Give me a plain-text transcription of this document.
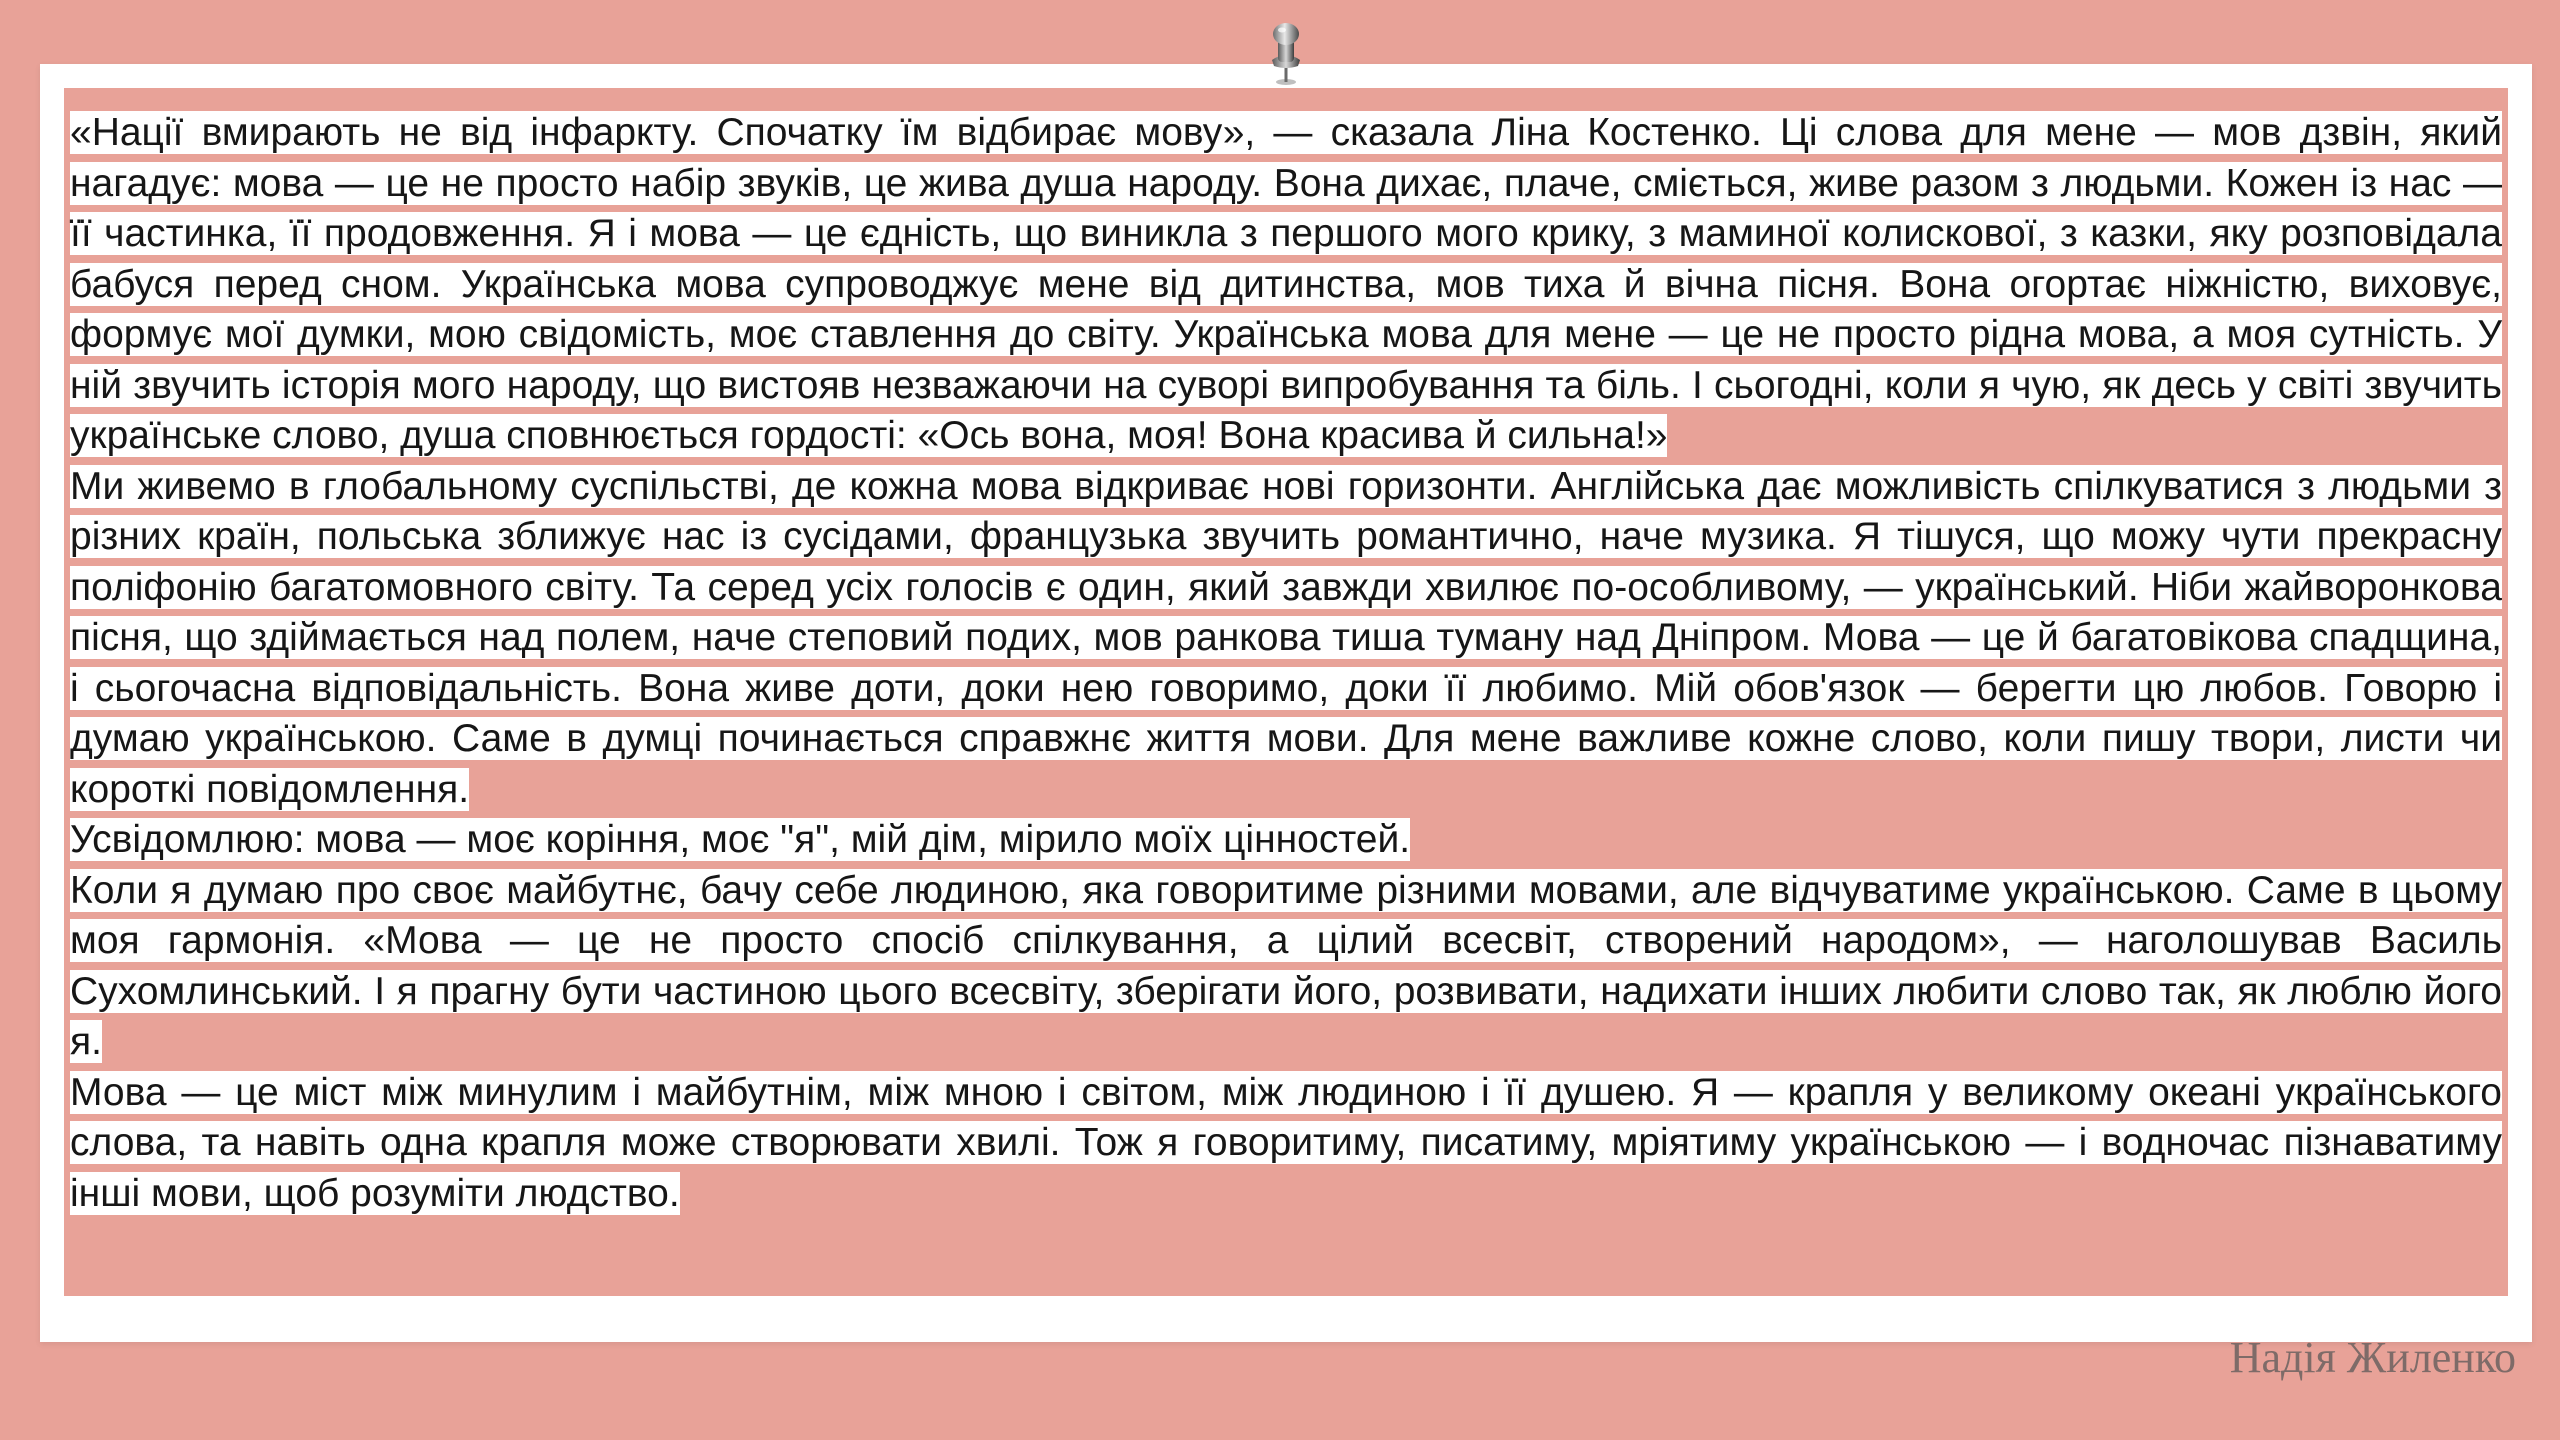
«Нації вмирають не від інфаркту. Спочатку їм відбирає мову», — сказала Ліна Костенко. Ці слова для мене — мов дзвін, який нагадує: мова — це не просто набір звуків, це жива душа народу. Вона дихає, плаче, сміється, живе разом з людьми. Кожен із нас — її частинка, її продовження. Я і мова — це єдність, що виникла з першого мого крику, з маминої колискової, з казки, яку розповідала бабуся перед сном. Українська мова супроводжує мене від дитинства, мов тиха й вічна пісня. Вона огортає ніжністю, виховує, формує мої думки, мою свідомість, моє ставлення до світу. Українська мова для мене — це не просто рідна мова, а моя сутність. У ній звучить історія мого народу, що вистояв незважаючи на суворі випробування та біль. І сьогодні, коли я чую, як десь у світі звучить українське слово, душа сповнюється гордості: «Ось вона, моя! Вона красива й сильна!»

Ми живемо в глобальному суспільстві, де кожна мова відкриває нові горизонти. Англійська дає можливість спілкуватися з людьми з різних країн, польська зближує нас із сусідами, французька звучить романтично, наче музика. Я тішуся, що можу чути прекрасну поліфонію багатомовного світу. Та серед усіх голосів є один, який завжди хвилює по-особливому, — український. Ніби жайворонкова пісня, що здіймається над полем, наче степовий подих, мов ранкова тиша туману над Дніпром. Мова — це й багатовікова спадщина, і сьогочасна відповідальність. Вона живе доти, доки нею говоримо, доки її любимо. Мій обов'язок — берегти цю любов. Говорю і думаю українською. Саме в думці починається справжнє життя мови. Для мене важливе кожне слово, коли пишу твори, листи чи короткі повідомлення.

Усвідомлюю: мова — моє коріння, моє "я", мій дім, мірило моїх цінностей.

Коли я думаю про своє майбутнє, бачу себе людиною, яка говоритиме різними мовами, але відчуватиме українською. Саме в цьому моя гармонія. «Мова — це не просто спосіб спілкування, а цілий всесвіт, створений народом», — наголошував Василь Сухомлинський. І я прагну бути частиною цього всесвіту, зберігати його, розвивати, надихати інших любити слово так, як люблю його я.

Мова — це міст між минулим і майбутнім, між мною і світом, між людиною і її душею. Я — крапля у великому океані українського слова, та навіть одна крапля може створювати хвилі. Тож я говоритиму, писатиму, мріятиму українською — і водночас пізнаватиму інші мови, щоб розуміти людство.

Надія Жиленко
